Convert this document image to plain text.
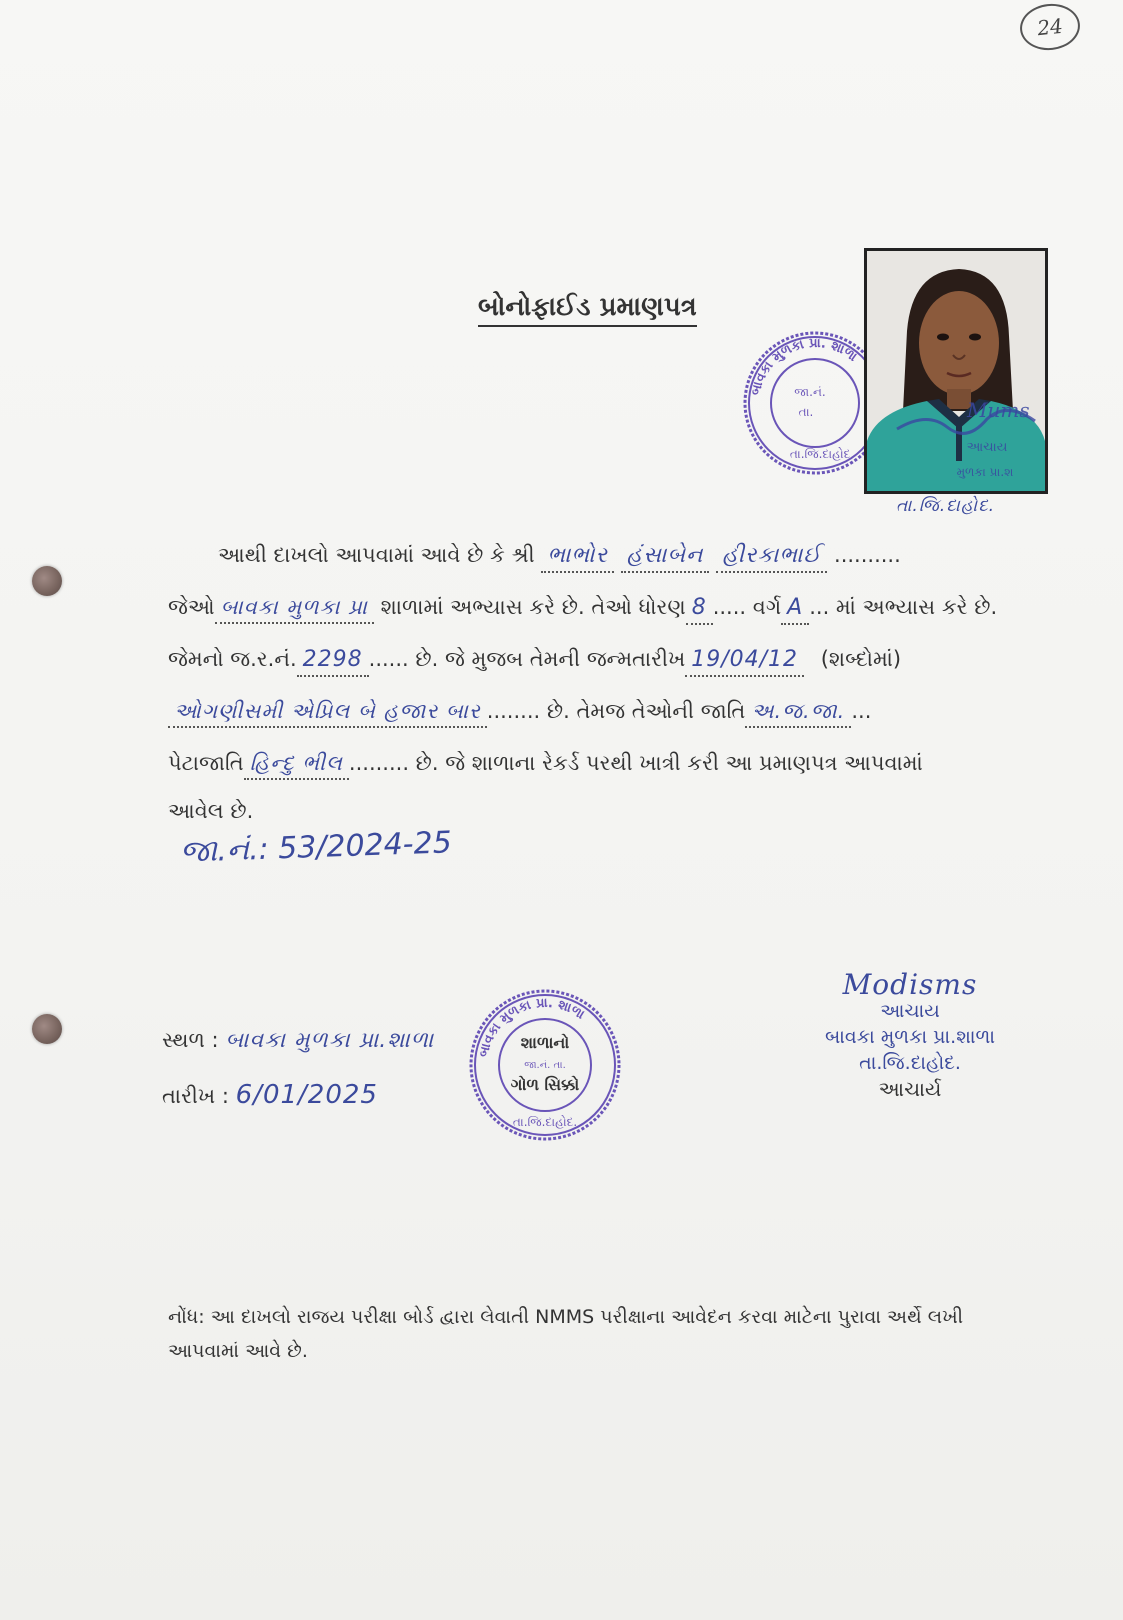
24
બોનોફાઈડ પ્રમાણપત્ર
બાવકા મુળકા પ્રા. શાળા
જા.નં.
તા.
તા.જિ.દાહોદ.	આચાય
મુળકા પ્રા.શ
Mums
તા.જિ.દાહોદ.
આથી દાખલો આપવામાં આવે છે કે શ્રી ભાભોર હંસાબેન હીરકાભાઈ ..........
જેઓ બાવકા મુળકા પ્રા શાળામાં અભ્યાસ કરે છે. તેઓ ધોરણ 8 ..... વર્ગ A ... માં અભ્યાસ કરે છે.
જેમનો જ.ર.નં. 2298 ...... છે. જે મુજબ તેમની જન્મતારીખ 19/04/12 (શબ્દોમાં)
ઓગણીસમી એપ્રિલ બે હજાર બાર ........ છે. તેમજ તેઓની જાતિ અ.જ.જા. ...
પેટાજાતિ હિન્દુ ભીલ ......... છે. જે શાળાના રેકર્ડ પરથી ખાત્રી કરી આ પ્રમાણપત્ર આપવામાં
આવેલ છે.
જા.નં.: 53/2024-25
સ્થળ : બાવકા મુળકા પ્રા.શાળા
તારીખ : 6/01/2025
બાવકા મુળકા પ્રા. શાળા
શાળાનો
જા.નં. તા.
ગોળ સિક્કો
તા.જિ.દાહોદ.
Modisms
આચાય
બાવકા મુળકા પ્રા.શાળા
તા.જિ.દાહોદ.
આચાર્ય
નોંધ: આ દાખલો રાજય પરીક્ષા બોર્ડ દ્વારા લેવાતી NMMS પરીક્ષાના આવેદન કરવા માટેના પુરાવા અર્થે લખી
આપવામાં આવે છે.
